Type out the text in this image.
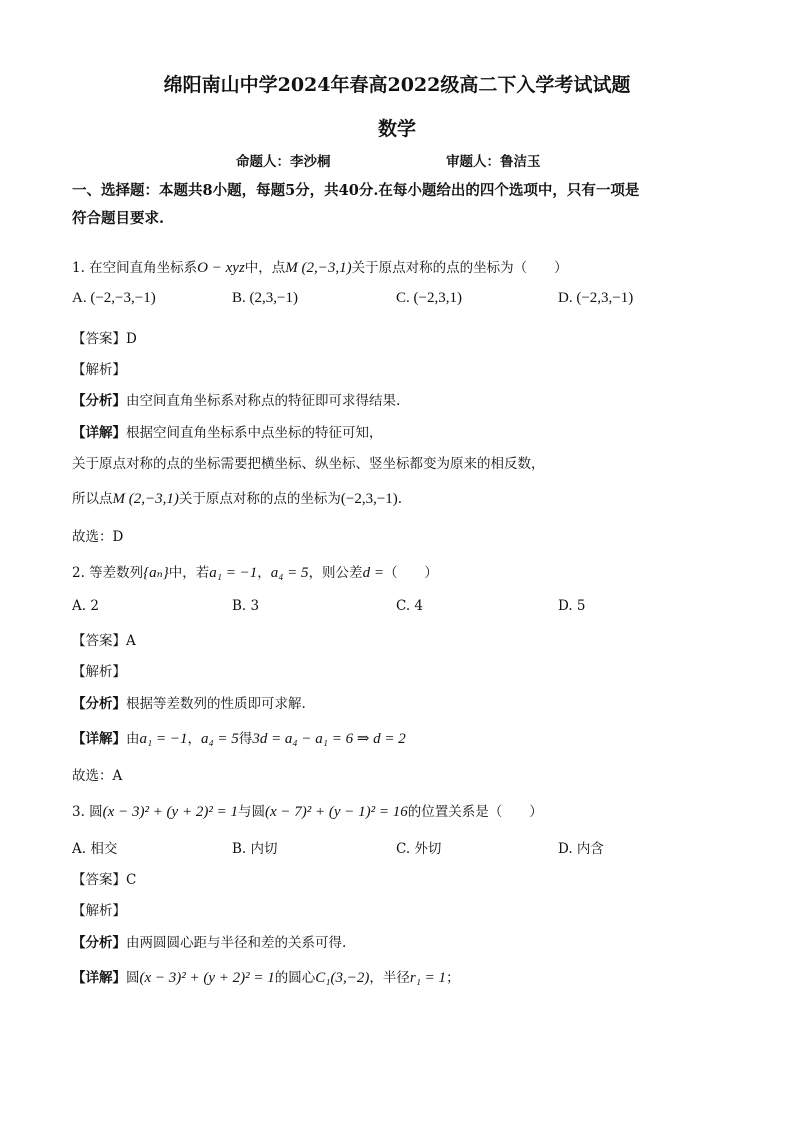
绵阳南山中学2024年春高2022级高二下入学考试试题
数学
命题人：李沙桐	审题人：鲁洁玉
一、选择题：本题共8小题，每题5分，共40分.在每小题给出的四个选项中，只有一项是
符合题目要求.
1. 在空间直角坐标系O − xyz中，点M (2,−3,1)关于原点对称的点的坐标为（　　）
A. (−2,−3,−1)	B. (2,3,−1)	C. (−2,3,1)	D. (−2,3,−1)
【答案】D
【解析】
【分析】由空间直角坐标系对称点的特征即可求得结果.
【详解】根据空间直角坐标系中点坐标的特征可知，
关于原点对称的点的坐标需要把横坐标、纵坐标、竖坐标都变为原来的相反数，
所以点M (2,−3,1)关于原点对称的点的坐标为(−2,3,−1).
故选：D
2. 等差数列{aₙ}中，若a₁ = −1，a₄ = 5，则公差d =（　　）
A. 2	B. 3	C. 4	D. 5
【答案】A
【解析】
【分析】根据等差数列的性质即可求解.
【详解】由a₁ = −1，a₄ = 5得3d = a₄ − a₁ = 6 ⇒ d = 2
故选：A
3. 圆(x − 3)² + (y + 2)² = 1与圆(x − 7)² + (y − 1)² = 16的位置关系是（　　）
A. 相交	B. 内切	C. 外切	D. 内含
【答案】C
【解析】
【分析】由两圆圆心距与半径和差的关系可得.
【详解】圆(x − 3)² + (y + 2)² = 1的圆心C₁(3,−2)，半径r₁ = 1；
